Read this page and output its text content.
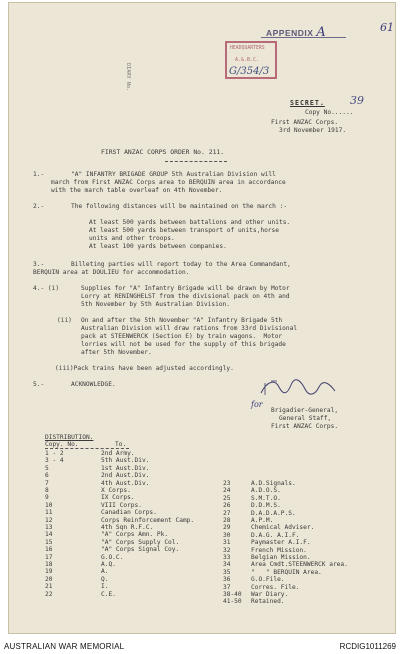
APPENDIX A	61
HEADQUARTERS
A.&.B.C.
G/354/3
DIARY No.
SECRET. 39
Copy No......
First ANZAC Corps.
3rd November 1917.
FIRST ANZAC CORPS ORDER No. 211.
1.-	"A" INFANTRY BRIGADE GROUP 5th Australian Division will
march from First ANZAC Corps area to BERQUIN area in accordance
with the march table overleaf on 4th November.
2.-	The following distances will be maintained on the march :-
At least 500 yards between battalions and other units.
At least 500 yards between transport of units,horse
units and other troops.
At least 100 yards between companies.
3.-	Billeting parties will report today to the Area Commandant,
BERQUIN area at DOULIEU for accommodation.
4.- (i)	Supplies for "A" Infantry Brigade will be drawn by Motor
Lorry at RENINGHELST from the divisional pack on 4th and
5th November by 5th Australian Division.
(ii) On and after the 5th November "A" Infantry Brigade 5th
Australian Division will draw rations from 33rd Divisional
pack at STEENWERCK (Section E) by train wagons.  Motor
lorries will not be used for the supply of this brigade
after 5th November.
(iii)Pack trains have been adjusted accordingly.
5.-	ACKNOWLEDGE.
for
Brigadier-General,
General Staff,
First ANZAC Corps.
DISTRIBUTION.
Copy. No.	To.
1 - 2	2nd Army.
3 - 4	5th Aust.Div.
5	1st Aust.Div.
6	2nd Aust.Div.
7	4th Aust.Div.
8	X Corps.
9	IX Corps.
10	VIII Corps.
11	Canadian Corps.
12	Corps Reinforcement Camp.
13	4th Sqn R.F.C.
14	"A" Corps Amn. Pk.
15	"A" Corps Supply Col.
16	"A" Corps Signal Coy.
17	G.O.C.
18	A.Q.
19	A.
20	Q.
21	I.
22	C.E.
23	A.D.Signals.
24	A.D.O.S.
25	S.M.T.O.
26	D.D.M.S.
27	D.A.D.A.P.S.
28	A.P.M.
29	Chemical Adviser.
30	D.A.G. A.I.F.
31	Paymaster A.I.F.
32	French Mission.
33	Belgian Mission.
34	Area Cmdt.STEENWERCK area.
35	"   " BERQUIN Area.
36	G.O.File.
37	Corres. File.
38-40 War Diary.
41-50 Retained.
AUSTRALIAN WAR MEMORIAL	RCDIG1011269
